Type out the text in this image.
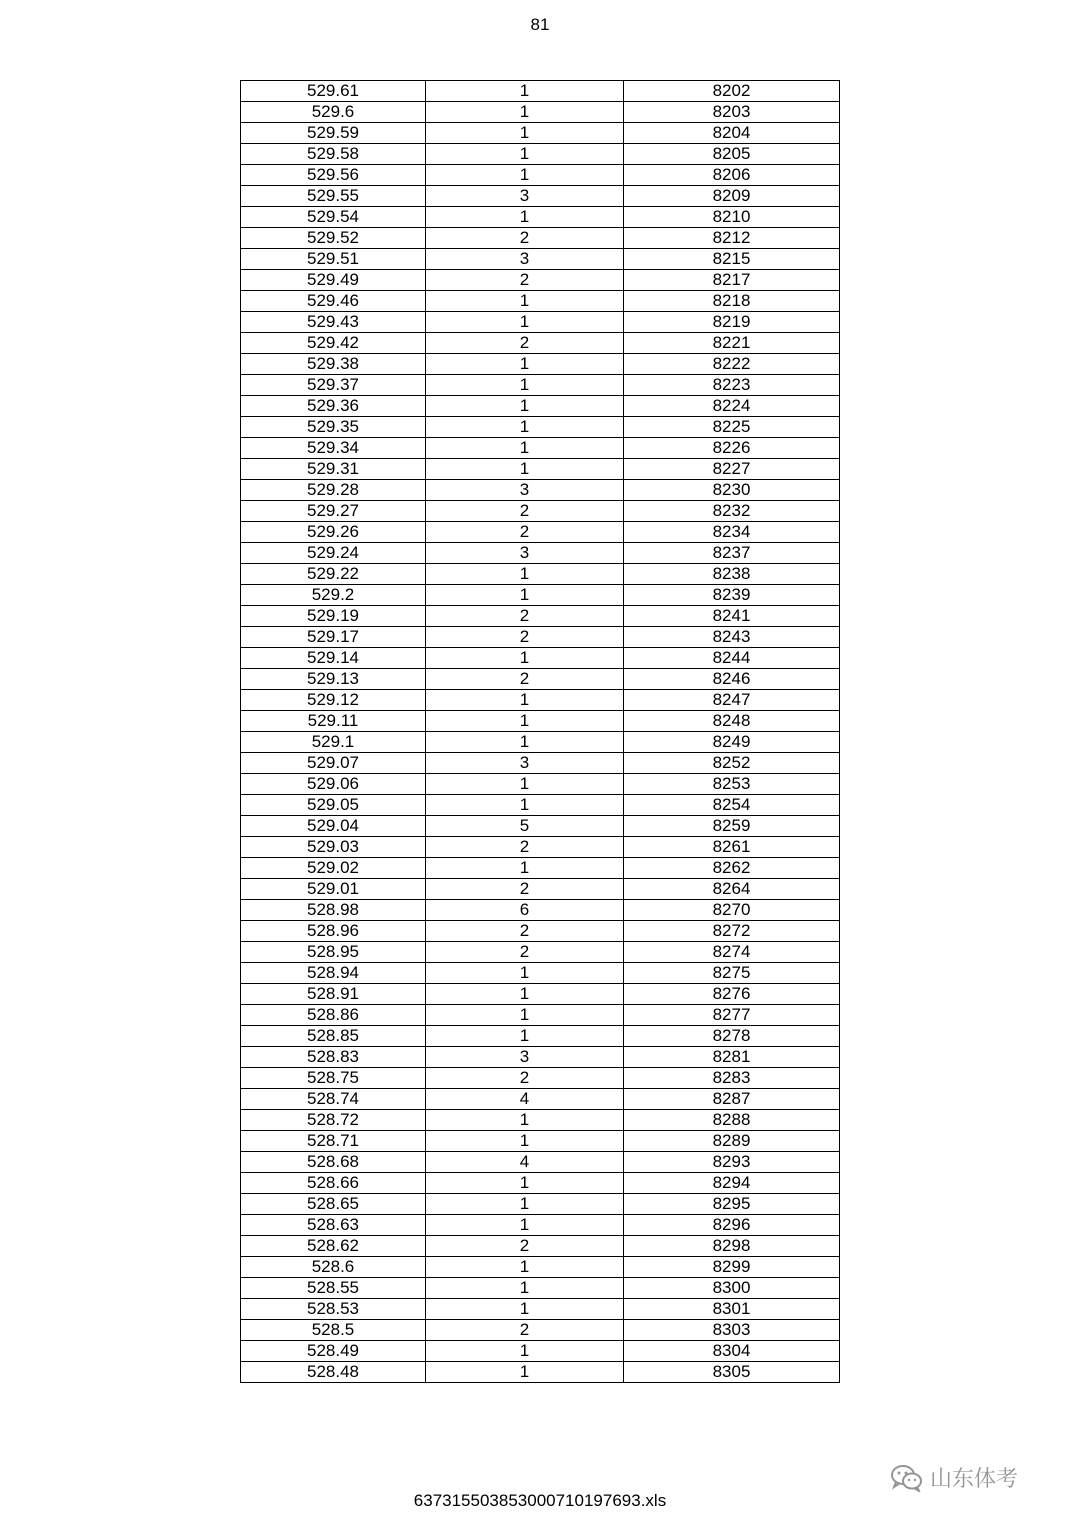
81
529.61	1	8202
529.6	1	8203
529.59	1	8204
529.58	1	8205
529.56	1	8206
529.55	3	8209
529.54	1	8210
529.52	2	8212
529.51	3	8215
529.49	2	8217
529.46	1	8218
529.43	1	8219
529.42	2	8221
529.38	1	8222
529.37	1	8223
529.36	1	8224
529.35	1	8225
529.34	1	8226
529.31	1	8227
529.28	3	8230
529.27	2	8232
529.26	2	8234
529.24	3	8237
529.22	1	8238
529.2	1	8239
529.19	2	8241
529.17	2	8243
529.14	1	8244
529.13	2	8246
529.12	1	8247
529.11	1	8248
529.1	1	8249
529.07	3	8252
529.06	1	8253
529.05	1	8254
529.04	5	8259
529.03	2	8261
529.02	1	8262
529.01	2	8264
528.98	6	8270
528.96	2	8272
528.95	2	8274
528.94	1	8275
528.91	1	8276
528.86	1	8277
528.85	1	8278
528.83	3	8281
528.75	2	8283
528.74	4	8287
528.72	1	8288
528.71	1	8289
528.68	4	8293
528.66	1	8294
528.65	1	8295
528.63	1	8296
528.62	2	8298
528.6	1	8299
528.55	1	8300
528.53	1	8301
528.5	2	8303
528.49	1	8304
528.48	1	8305
山东体考
637315503853000710197693.xls
